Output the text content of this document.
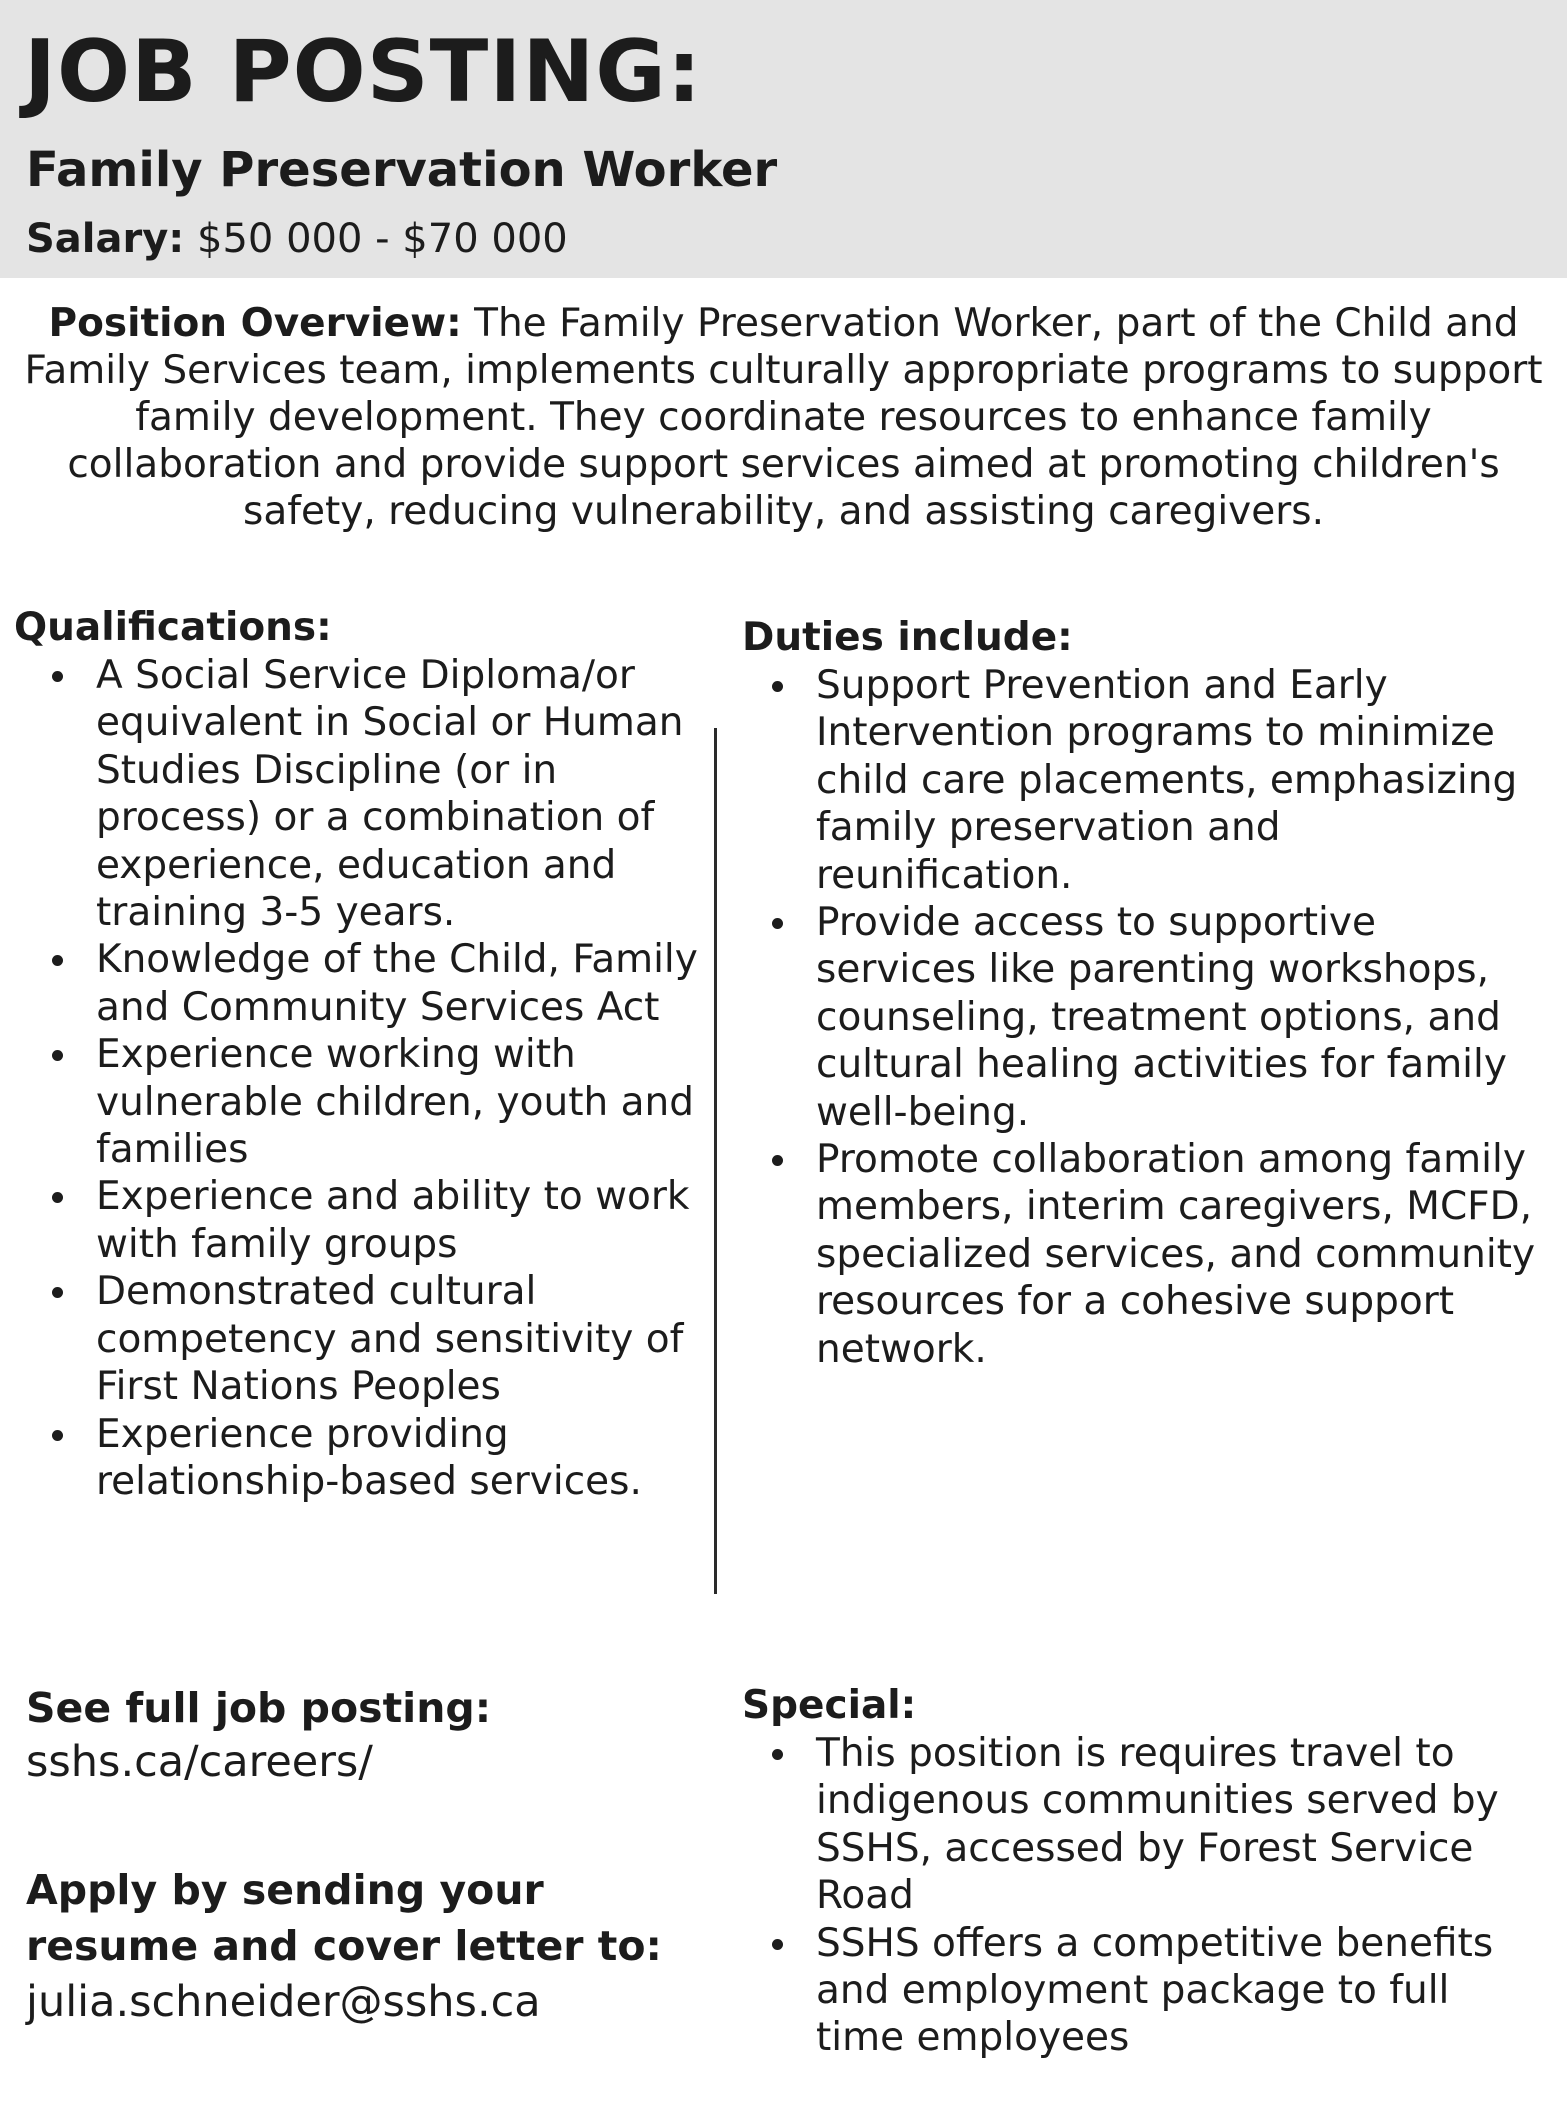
JOB POSTING:
Family Preservation Worker

Salary: $50 000 - $70 000

Position Overview: The Family Preservation Worker, part of the Child and Family Services team, implements culturally appropriate programs to support family development. They coordinate resources to enhance family collaboration and provide support services aimed at promoting children's safety, reducing vulnerability, and assisting caregivers.

Qualifications:
A Social Service Diploma/or equivalent in Social or Human Studies Discipline (or in process) or a combination of experience, education and training 3-5 years.
Knowledge of the Child, Family and Community Services Act
Experience working with vulnerable children, youth and families
Experience and ability to work with family groups
Demonstrated cultural competency and sensitivity of First Nations Peoples
Experience providing relationship-based services.
Duties include:
Support Prevention and Early Intervention programs to minimize child care placements, emphasizing family preservation and reunification.
Provide access to supportive services like parenting workshops, counseling, treatment options, and cultural healing activities for family well-being.
Promote collaboration among family members, interim caregivers, MCFD, specialized services, and community resources for a cohesive support network.
See full job posting:

sshs.ca/careers/

Apply by sending your resume and cover letter to:

julia.schneider@sshs.ca

Special:
This position is requires travel to indigenous communities served by SSHS, accessed by Forest Service Road
SSHS offers a competitive benefits and employment package to full time employees
